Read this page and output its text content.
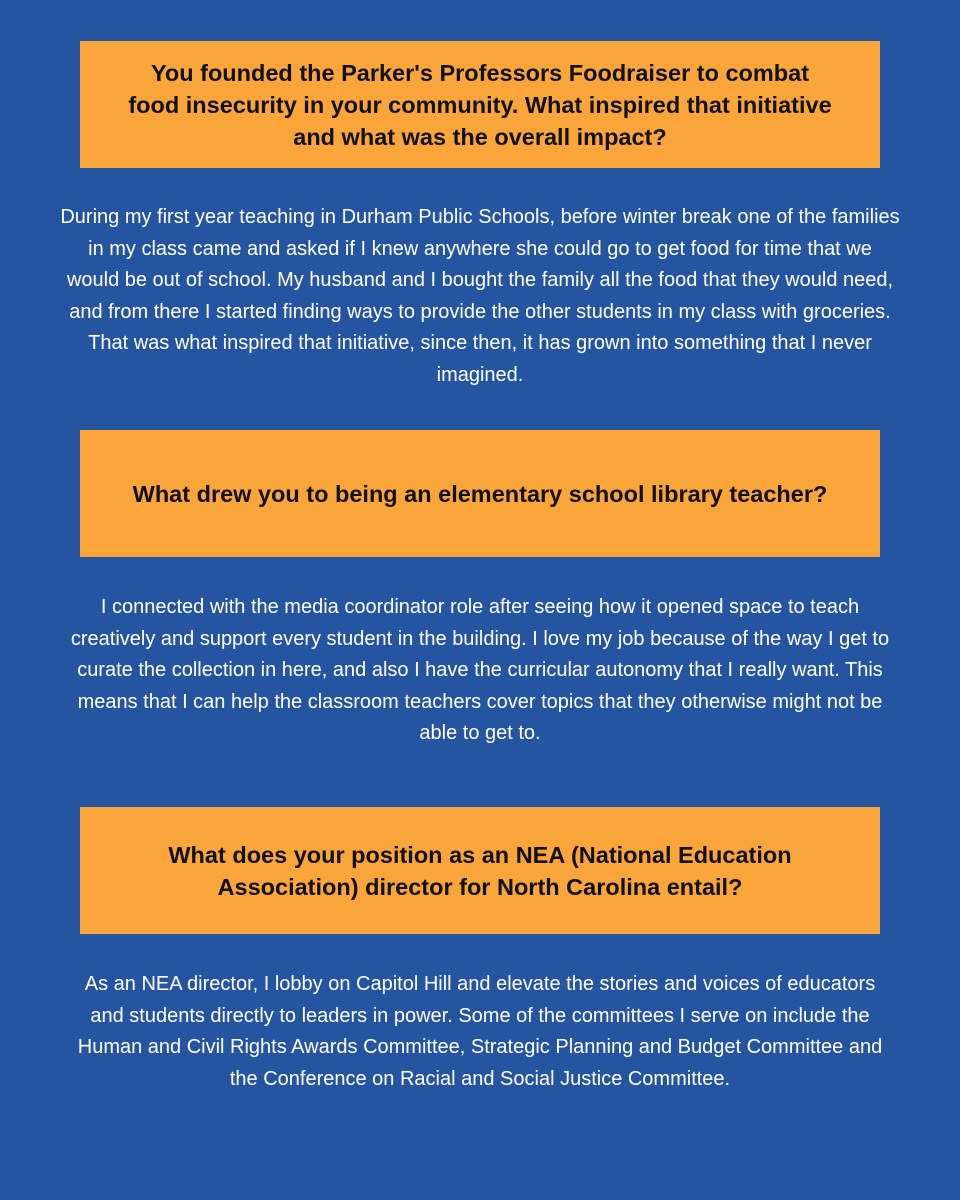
You founded the Parker's Professors Foodraiser to combat food insecurity in your community. What inspired that initiative and what was the overall impact?

During my first year teaching in Durham Public Schools, before winter break one of the families in my class came and asked if I knew anywhere she could go to get food for time that we would be out of school. My husband and I bought the family all the food that they would need, and from there I started finding ways to provide the other students in my class with groceries. That was what inspired that initiative, since then, it has grown into something that I never imagined.

What drew you to being an elementary school library teacher?

I connected with the media coordinator role after seeing how it opened space to teach creatively and support every student in the building. I love my job because of the way I get to curate the collection in here, and also I have the curricular autonomy that I really want. This means that I can help the classroom teachers cover topics that they otherwise might not be able to get to.

What does your position as an NEA (National Education Association) director for North Carolina entail?

As an NEA director, I lobby on Capitol Hill and elevate the stories and voices of educators and students directly to leaders in power. Some of the committees I serve on include the Human and Civil Rights Awards Committee, Strategic Planning and Budget Committee and the Conference on Racial and Social Justice Committee.
